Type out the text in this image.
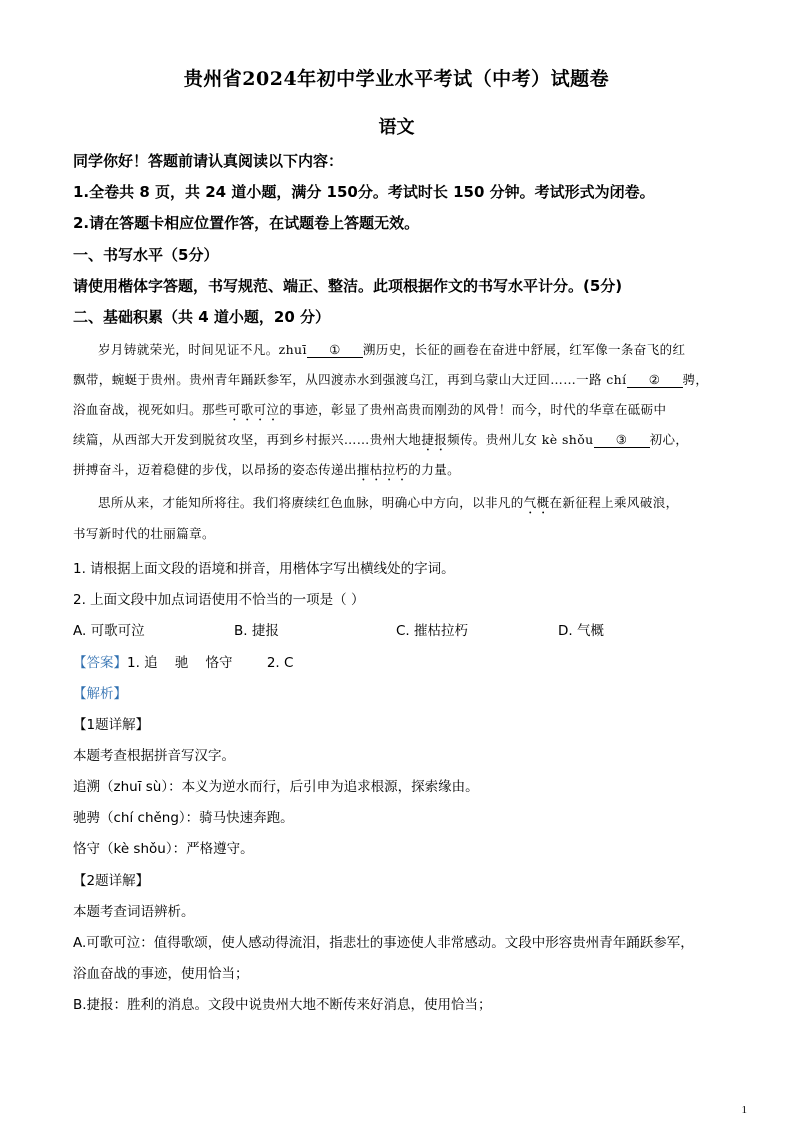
贵州省2024年初中学业水平考试（中考）试题卷
语文
同学你好！答题前请认真阅读以下内容：
1.全卷共 8 页，共 24 道小题，满分 150分。考试时长 150 分钟。考试形式为闭卷。
2.请在答题卡相应位置作答，在试题卷上答题无效。
一、书写水平（5分）
请使用楷体字答题，书写规范、端正、整洁。此项根据作文的书写水平计分。(5分)
二、基础积累（共 4 道小题，20 分）
岁月铸就荣光，时间见证不凡。zhuī ① 溯历史，长征的画卷在奋进中舒展，红军像一条奋飞的红
飘带，蜿蜒于贵州。贵州青年踊跃参军，从四渡赤水到强渡乌江，再到乌蒙山大迂回……一路 chí ② 骋，
浴血奋战，视死如归。那些可歌可泣的事迹，彰显了贵州高贵而刚劲的风骨！而今，时代的华章在砥砺中
续篇，从西部大开发到脱贫攻坚，再到乡村振兴……贵州大地捷报频传。贵州儿女 kè shǒu ③ 初心，
拼搏奋斗，迈着稳健的步伐，以昂扬的姿态传递出摧枯拉朽的力量。
思所从来，才能知所将往。我们将赓续红色血脉，明确心中方向，以非凡的气概在新征程上乘风破浪，
书写新时代的壮丽篇章。
1. 请根据上面文段的语境和拼音，用楷体字写出横线处的字词。
2. 上面文段中加点词语使用不恰当的一项是（ ）
A. 可歌可泣	B. 捷报	C. 摧枯拉朽	D. 气概
【答案】1. 追    驰    恪守        2. C
【解析】
【1题详解】
本题考查根据拼音写汉字。
追溯（zhuī sù）：本义为逆水而行，后引申为追求根源，探索缘由。
驰骋（chí chěng）：骑马快速奔跑。
恪守（kè shǒu）：严格遵守。
【2题详解】
本题考查词语辨析。
A.可歌可泣：值得歌颂，使人感动得流泪，指悲壮的事迹使人非常感动。文段中形容贵州青年踊跃参军，
浴血奋战的事迹，使用恰当；
B.捷报：胜利的消息。文段中说贵州大地不断传来好消息，使用恰当；
1
